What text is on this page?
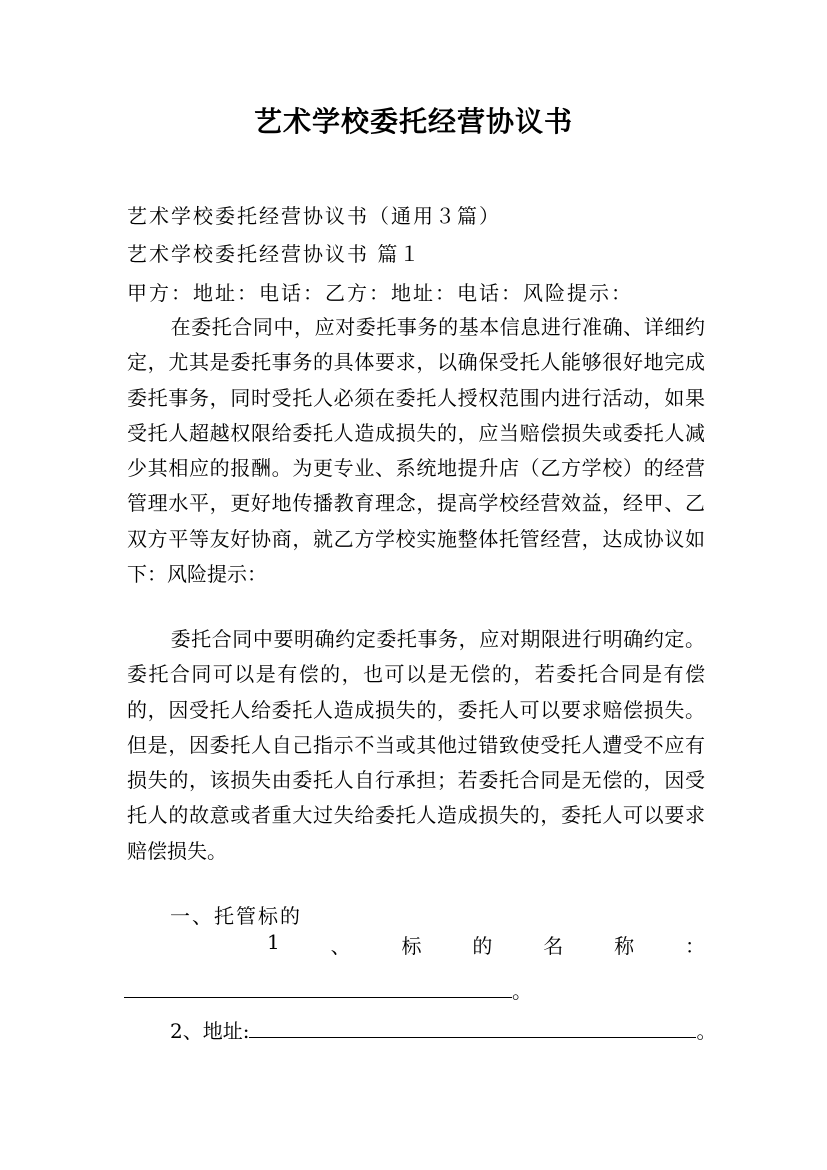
艺术学校委托经营协议书
艺术学校委托经营协议书（通用３篇）
艺术学校委托经营协议书 篇１
甲方：地址：电话：乙方：地址：电话：风险提示：
在委托合同中，应对委托事务的基本信息进行准确、详细约定，尤其是委托事务的具体要求，以确保受托人能够很好地完成委托事务，同时受托人必须在委托人授权范围内进行活动，如果受托人超越权限给委托人造成损失的，应当赔偿损失或委托人减少其相应的报酬。为更专业、系统地提升店（乙方学校）的经营管理水平，更好地传播教育理念，提高学校经营效益，经甲、乙双方平等友好协商，就乙方学校实施整体托管经营，达成协议如下：风险提示：
委托合同中要明确约定委托事务，应对期限进行明确约定。委托合同可以是有偿的，也可以是无偿的，若委托合同是有偿的，因受托人给委托人造成损失的，委托人可以要求赔偿损失。但是，因委托人自己指示不当或其他过错致使受托人遭受不应有损失的，该损失由委托人自行承担；若委托合同是无偿的，因受托人的故意或者重大过失给委托人造成损失的，委托人可以要求赔偿损失。
一、托管标的
1	、	标	的	名	称	：
。
2、地址:	。
